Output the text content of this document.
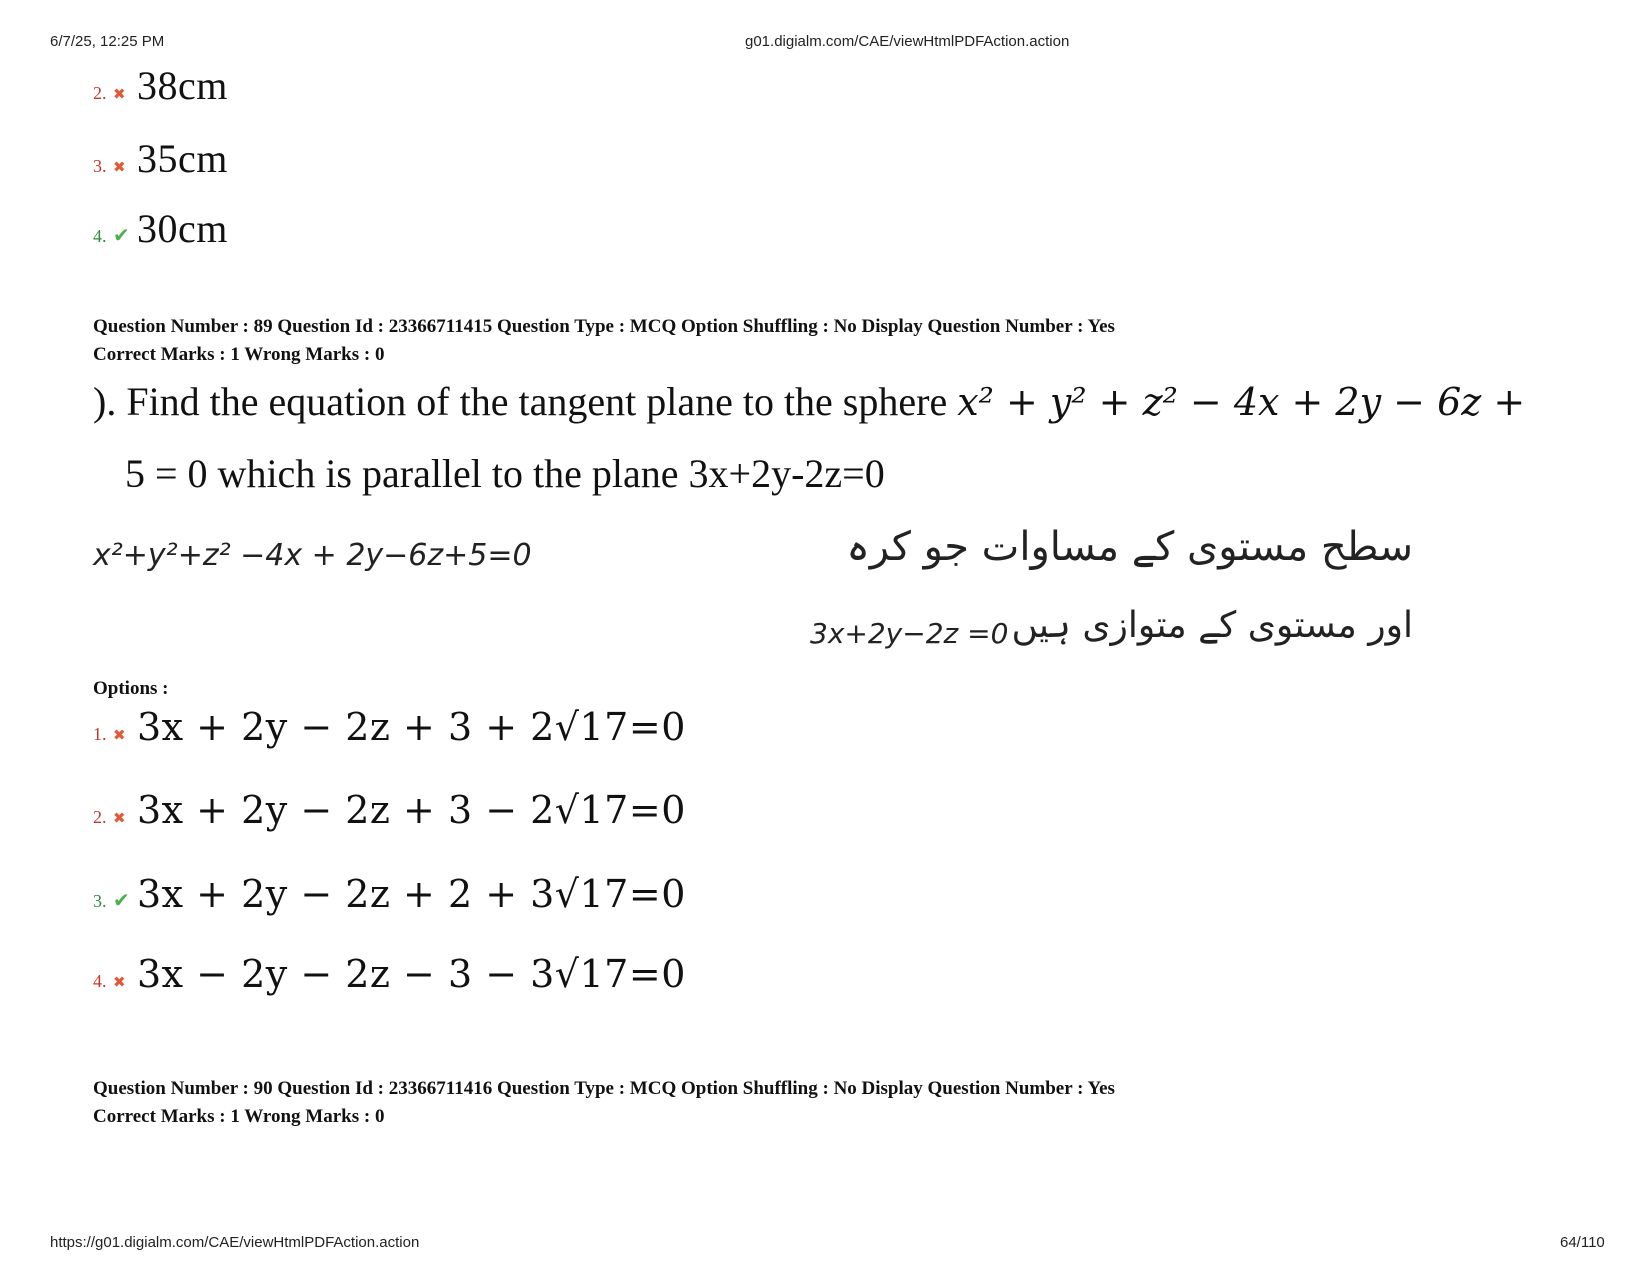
6/7/25, 12:25 PM	g01.digialm.com/CAE/viewHtmlPDFAction.action
2. ✖ 38cm
3. ✖ 35cm
4. ✔ 30cm
Question Number : 89 Question Id : 23366711415 Question Type : MCQ Option Shuffling : No Display Question Number : Yes
Correct Marks : 1 Wrong Marks : 0
). Find the equation of the tangent plane to the sphere x² + y² + z² − 4x + 2y − 6z +
5 = 0 which is parallel to the plane 3x+2y-2z=0
x²+y²+z² −4x + 2y−6z+5=0	سطح مستوی کے مساوات جو کرہ
اور مستوی کے متوازی ہیں
3x+2y−2z =0
Options :
1. ✖ 3x + 2y − 2z + 3 + 2√17=0
2. ✖ 3x + 2y − 2z + 3 − 2√17=0
3. ✔ 3x + 2y − 2z + 2 + 3√17=0
4. ✖ 3x − 2y − 2z − 3 − 3√17=0
Question Number : 90 Question Id : 23366711416 Question Type : MCQ Option Shuffling : No Display Question Number : Yes
Correct Marks : 1 Wrong Marks : 0
https://g01.digialm.com/CAE/viewHtmlPDFAction.action	64/110
